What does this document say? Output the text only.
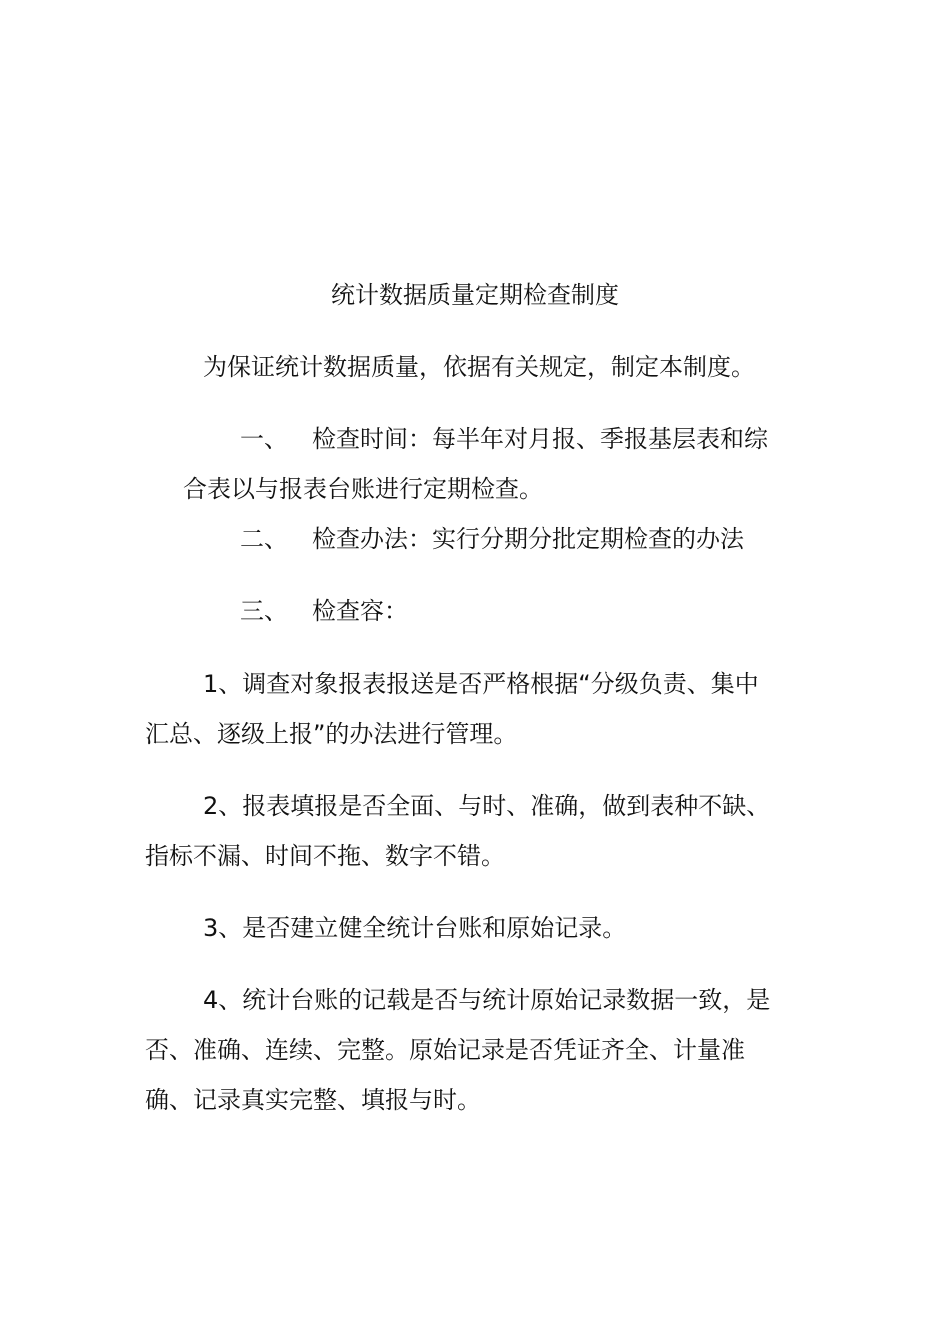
统计数据质量定期检查制度
为保证统计数据质量，依据有关规定，制定本制度。
一、 检查时间：每半年对月报、季报基层表和综
合表以与报表台账进行定期检查。
二、 检查办法：实行分期分批定期检查的办法
三、 检查容：
1、调查对象报表报送是否严格根据“分级负责、集中
汇总、逐级上报”的办法进行管理。
2、报表填报是否全面、与时、准确，做到表种不缺、
指标不漏、时间不拖、数字不错。
3、是否建立健全统计台账和原始记录。
4、统计台账的记载是否与统计原始记录数据一致，是
否、准确、连续、完整。原始记录是否凭证齐全、计量准
确、记录真实完整、填报与时。
